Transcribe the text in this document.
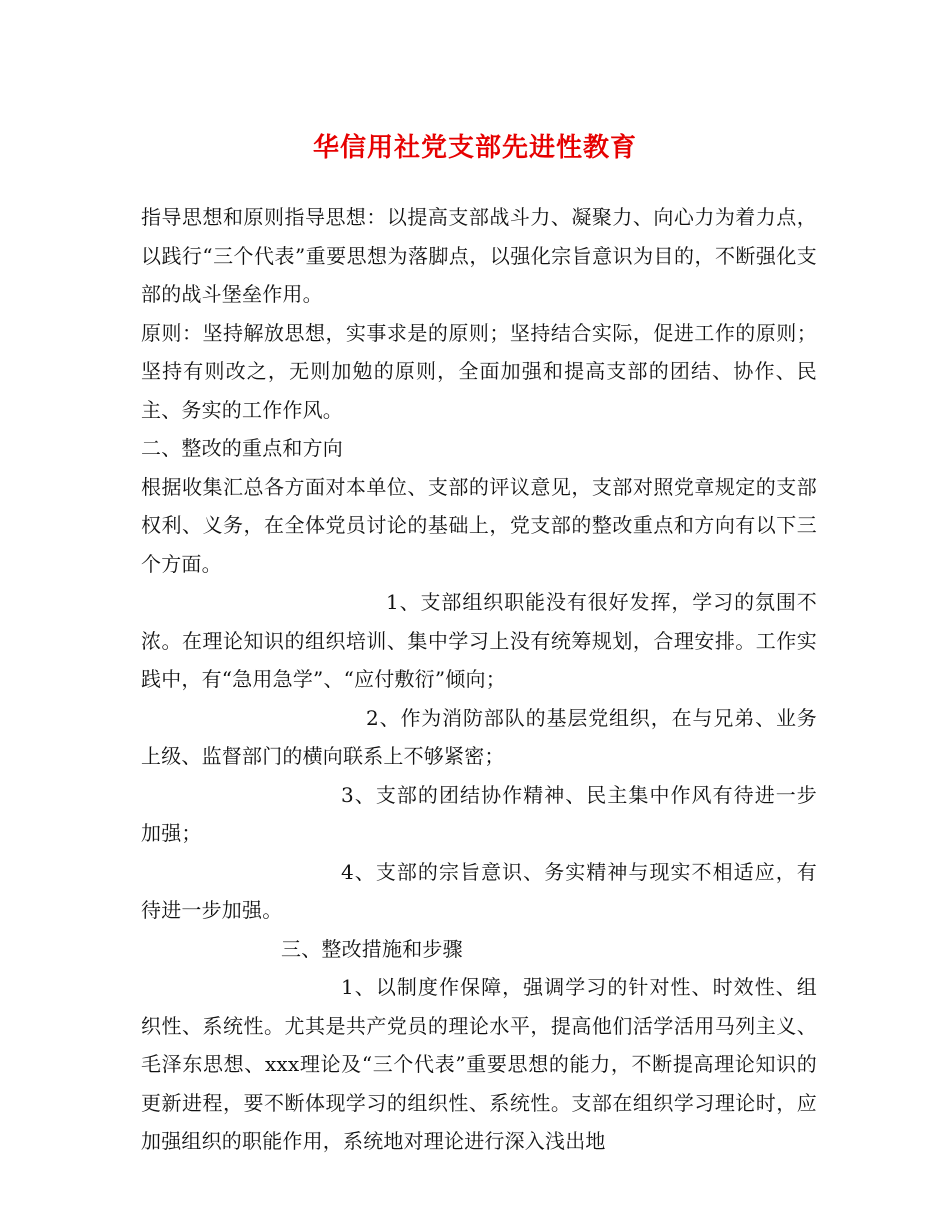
华信用社党支部先进性教育

指导思想和原则指导思想：以提高支部战斗力、凝聚力、向心力为着力点，以践行“三个代表”重要思想为落脚点，以强化宗旨意识为目的，不断强化支部的战斗堡垒作用。

原则：坚持解放思想，实事求是的原则；坚持结合实际，促进工作的原则；坚持有则改之，无则加勉的原则，全面加强和提高支部的团结、协作、民主、务实的工作作风。

二、整改的重点和方向

根据收集汇总各方面对本单位、支部的评议意见，支部对照党章规定的支部权利、义务，在全体党员讨论的基础上，党支部的整改重点和方向有以下三个方面。

1、支部组织职能没有很好发挥，学习的氛围不浓。在理论知识的组织培训、集中学习上没有统筹规划，合理安排。工作实践中，有“急用急学”、“应付敷衍”倾向；

2、作为消防部队的基层党组织，在与兄弟、业务上级、监督部门的横向联系上不够紧密；

3、支部的团结协作精神、民主集中作风有待进一步加强；

4、支部的宗旨意识、务实精神与现实不相适应，有待进一步加强。

三、整改措施和步骤

1、以制度作保障，强调学习的针对性、时效性、组织性、系统性。尤其是共产党员的理论水平，提高他们活学活用马列主义、毛泽东思想、xxx理论及“三个代表”重要思想的能力，不断提高理论知识的更新进程，要不断体现学习的组织性、系统性。支部在组织学习理论时，应加强组织的职能作用，系统地对理论进行深入浅出地
